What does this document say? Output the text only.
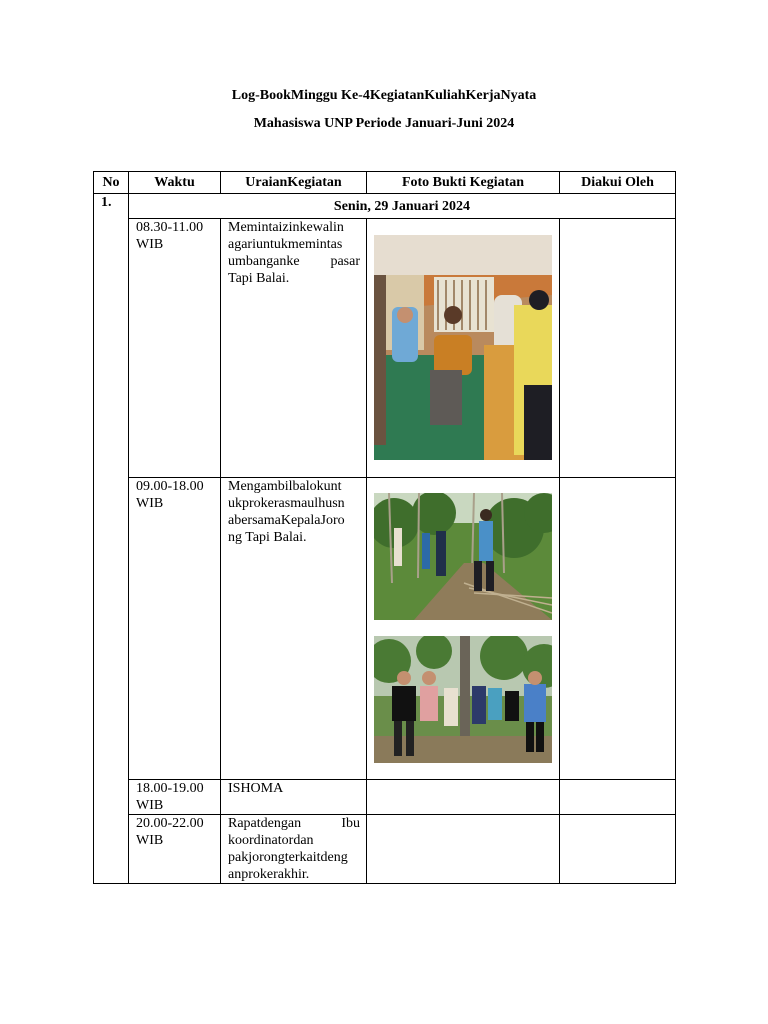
Log-BookMinggu Ke-4KegiatanKuliahKerjaNyata
Mahasiswa UNP Periode Januari-Juni 2024
No	Waktu	UraianKegiatan	Foto Bukti Kegiatan	Diakui Oleh
1.	Senin, 29 Januari 2024			
	08.30-11.00 WIB	Memintaizinkewalin agariuntukmemintas umbanganke pasar Tapi Balai.	

	09.00-18.00 WIB	Mengambilbalokunt ukprokerasmaulhusn abersamaKepalaJoro ng Tapi Balai.	

	18.00-19.00 WIB	ISHOMA		
	20.00-22.00 WIB	Rapatdengan Ibu koordinatordan pakjorongterkaitdeng anprokerakhir.		
